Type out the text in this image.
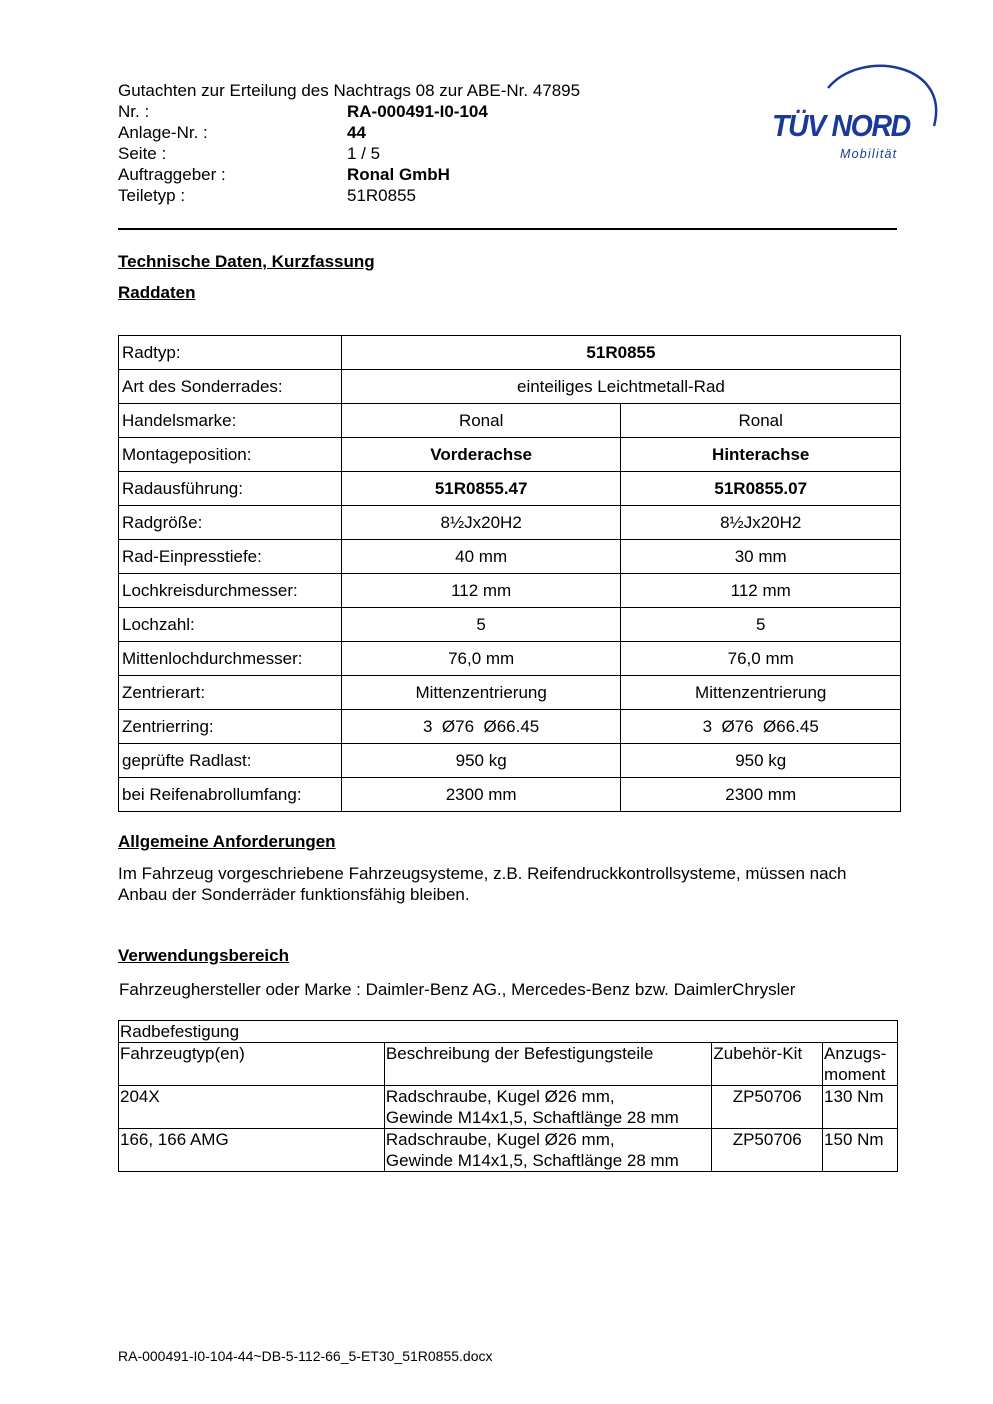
Gutachten zur Erteilung des Nachtrags 08 zur ABE-Nr. 47895
Nr. :	RA-000491-I0-104
Anlage-Nr. :	44
Seite :	1 / 5
Auftraggeber :	Ronal GmbH
Teiletyp :	51R0855
TÜV NORD
Mobilität
Technische Daten, Kurzfassung
Raddaten
Radtyp:	51R0855	
Art des Sonderrades:	einteiliges Leichtmetall-Rad	
Handelsmarke:	Ronal	Ronal
Montageposition:	Vorderachse	Hinterachse
Radausführung:	51R0855.47	51R0855.07
Radgröße:	8½Jx20H2	8½Jx20H2
Rad-Einpresstiefe:	40 mm	30 mm
Lochkreisdurchmesser:	112 mm	112 mm
Lochzahl:	5	5
Mittenlochdurchmesser:	76,0 mm	76,0 mm
Zentrierart:	Mittenzentrierung	Mittenzentrierung
Zentrierring:	3  Ø76  Ø66.45	3  Ø76  Ø66.45
geprüfte Radlast:	950 kg	950 kg
bei Reifenabrollumfang:	2300 mm	2300 mm
Allgemeine Anforderungen
Im Fahrzeug vorgeschriebene Fahrzeugsysteme, z.B. Reifendruckkontrollsysteme, müssen nach Anbau der Sonderräder funktionsfähig bleiben.
Verwendungsbereich
Fahrzeughersteller oder Marke : Daimler-Benz AG., Mercedes-Benz bzw. DaimlerChrysler
Radbefestigung			
Fahrzeugtyp(en)	Beschreibung der Befestigungsteile	Zubehör-Kit	Anzugs-moment
204X	Radschraube, Kugel Ø26 mm,
Gewinde M14x1,5, Schaftlänge 28 mm	ZP50706	130 Nm
166, 166 AMG	Radschraube, Kugel Ø26 mm,
Gewinde M14x1,5, Schaftlänge 28 mm	ZP50706	150 Nm
RA-000491-I0-104-44~DB-5-112-66_5-ET30_51R0855.docx
